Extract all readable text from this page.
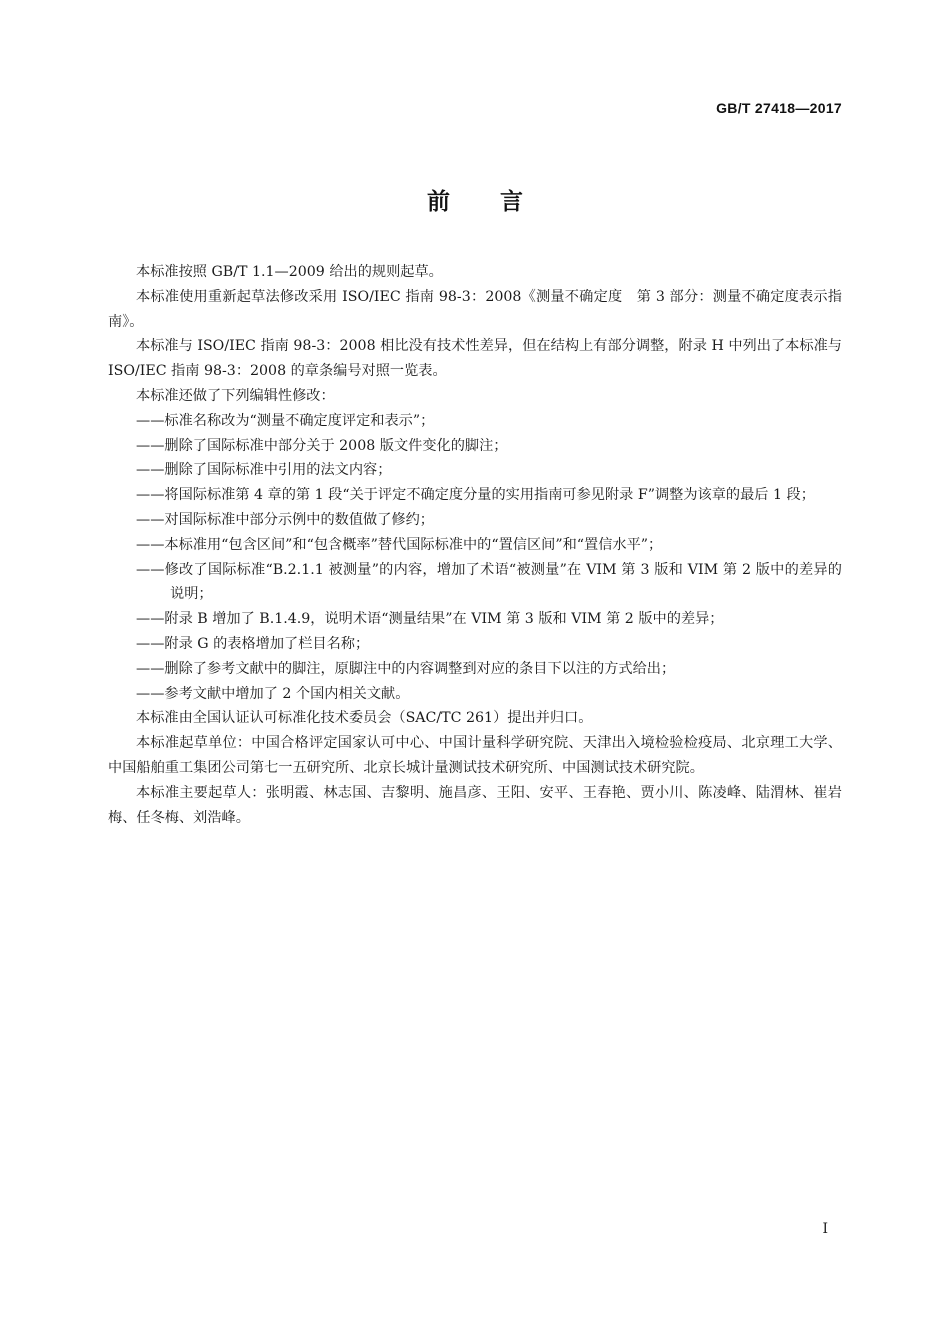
GB/T 27418—2017
前言

本标准按照 GB/T 1.1—2009 给出的规则起草。

本标准使用重新起草法修改采用 ISO/IEC 指南 98-3：2008《测量不确定度　第 3 部分：测量不确定度表示指南》。

本标准与 ISO/IEC 指南 98-3：2008 相比没有技术性差异，但在结构上有部分调整，附录 H 中列出了本标准与 ISO/IEC 指南 98-3：2008 的章条编号对照一览表。

本标准还做了下列编辑性修改：

——标准名称改为“测量不确定度评定和表示”；

——删除了国际标准中部分关于 2008 版文件变化的脚注；

——删除了国际标准中引用的法文内容；

——将国际标准第 4 章的第 1 段“关于评定不确定度分量的实用指南可参见附录 F”调整为该章的最后 1 段；

——对国际标准中部分示例中的数值做了修约；

——本标准用“包含区间”和“包含概率”替代国际标准中的“置信区间”和“置信水平”；

——修改了国际标准“B.2.1.1 被测量”的内容，增加了术语“被测量”在 VIM 第 3 版和 VIM 第 2 版中的差异的说明；

——附录 B 增加了 B.1.4.9，说明术语“测量结果”在 VIM 第 3 版和 VIM 第 2 版中的差异；

——附录 G 的表格增加了栏目名称；

——删除了参考文献中的脚注，原脚注中的内容调整到对应的条目下以注的方式给出；

——参考文献中增加了 2 个国内相关文献。

本标准由全国认证认可标准化技术委员会（SAC/TC 261）提出并归口。

本标准起草单位：中国合格评定国家认可中心、中国计量科学研究院、天津出入境检验检疫局、北京理工大学、中国船舶重工集团公司第七一五研究所、北京长城计量测试技术研究所、中国测试技术研究院。

本标准主要起草人：张明霞、林志国、吉黎明、施昌彦、王阳、安平、王春艳、贾小川、陈凌峰、陆渭林、崔岩梅、任冬梅、刘浩峰。

I
